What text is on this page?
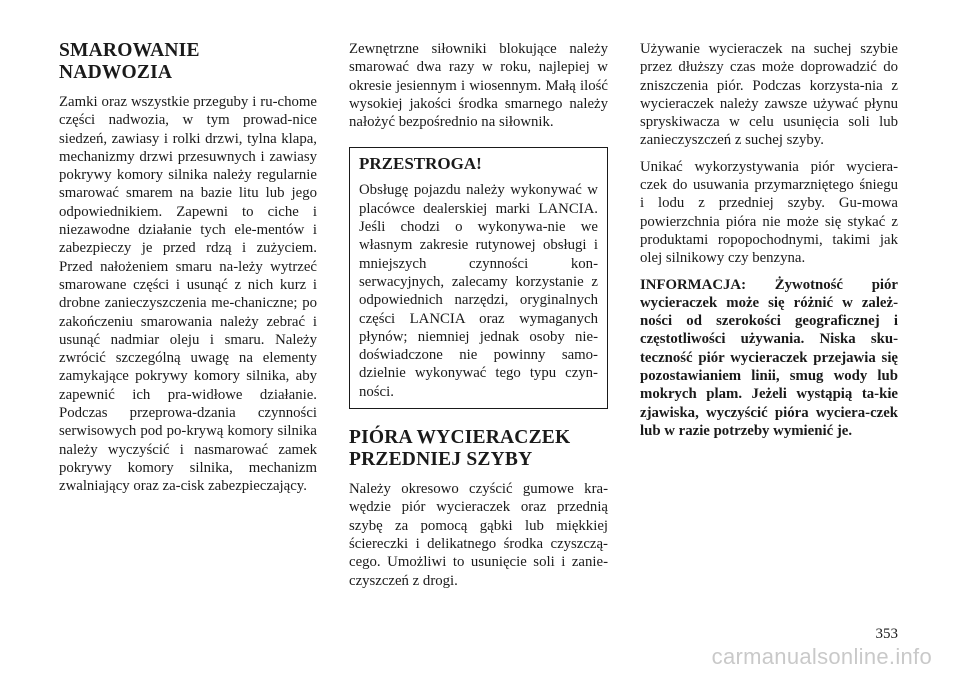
SMAROWANIE
NADWOZIA

Zamki oraz wszystkie przeguby i ru-chome części nadwozia, w tym prowad-nice siedzeń, zawiasy i rolki drzwi, tylna klapa, mechanizmy drzwi przesuwnych i zawiasy pokrywy komory silnika należy regularnie smarować smarem na bazie litu lub jego odpowiednikiem. Zapewni to ciche i niezawodne działanie tych ele-mentów i zabezpieczy je przed rdzą i zużyciem. Przed nałożeniem smaru na-leży wytrzeć smarowane części i usunąć z nich kurz i drobne zanieczyszczenia me-chaniczne; po zakończeniu smarowania należy zebrać i usunąć nadmiar oleju i smaru. Należy zwrócić szczególną uwagę na elementy zamykające pokrywy komory silnika, aby zapewnić ich pra-widłowe działanie. Podczas przeprowa-dzania czynności serwisowych pod po-krywą komory silnika należy wyczyścić i nasmarować zamek pokrywy komory silnika, mechanizm zwalniający oraz za-cisk zabezpieczający.

Zewnętrzne siłowniki blokujące należy smarować dwa razy w roku, najlepiej w okresie jesiennym i wiosennym. Małą ilość wysokiej jakości środka smarnego należy nałożyć bezpośrednio na siłownik.

PRZESTROGA!

Obsługę pojazdu należy wykonywać w placówce dealerskiej marki LANCIA. Jeśli chodzi o wykonywa-nie we własnym zakresie rutynowej obsługi i mniejszych czynności kon-serwacyjnych, zalecamy korzystanie z odpowiednich narzędzi, oryginalnych części LANCIA oraz wymaganych płynów; niemniej jednak osoby nie-doświadczone nie powinny samo-dzielnie wykonywać tego typu czyn-ności.

PIÓRA WYCIERACZEK
PRZEDNIEJ SZYBY

Należy okresowo czyścić gumowe kra-wędzie piór wycieraczek oraz przednią szybę za pomocą gąbki lub miękkiej ściereczki i delikatnego środka czyszczą-cego. Umożliwi to usunięcie soli i zanie-czyszczeń z drogi.

Używanie wycieraczek na suchej szybie przez dłuższy czas może doprowadzić do zniszczenia piór. Podczas korzysta-nia z wycieraczek należy zawsze używać płynu spryskiwacza w celu usunięcia soli lub zanieczyszczeń z suchej szyby.

Unikać wykorzystywania piór wyciera-czek do usuwania przymarzniętego śniegu i lodu z przedniej szyby. Gu-mowa powierzchnia pióra nie może się stykać z produktami ropopochodnymi, takimi jak olej silnikowy czy benzyna.

INFORMACJA: Żywotność piór wycieraczek może się różnić w zależ-ności od szerokości geograficznej i częstotliwości używania. Niska sku-teczność piór wycieraczek przejawia się pozostawianiem linii, smug wody lub mokrych plam. Jeżeli wystąpią ta-kie zjawiska, wyczyścić pióra wyciera-czek lub w razie potrzeby wymienić je.

353
carmanualsonline.info
